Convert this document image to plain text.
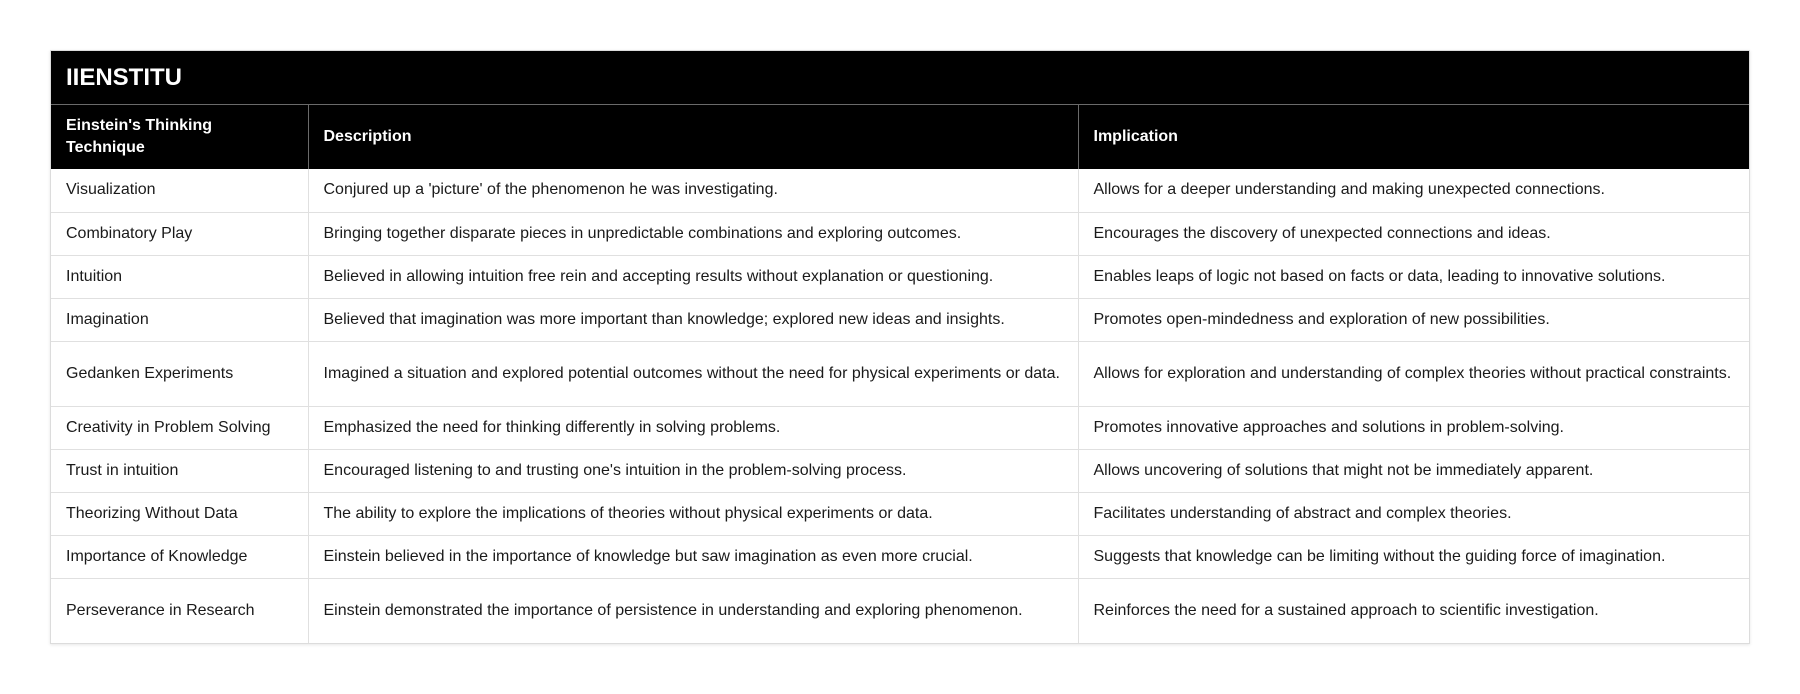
IIENSTITU
Einstein's Thinking Technique	Description	Implication
Visualization	Conjured up a 'picture' of the phenomenon he was investigating.	Allows for a deeper understanding and making unexpected connections.
Combinatory Play	Bringing together disparate pieces in unpredictable combinations and exploring outcomes.	Encourages the discovery of unexpected connections and ideas.
Intuition	Believed in allowing intuition free rein and accepting results without explanation or questioning.	Enables leaps of logic not based on facts or data, leading to innovative solutions.
Imagination	Believed that imagination was more important than knowledge; explored new ideas and insights.	Promotes open-mindedness and exploration of new possibilities.
Gedanken Experiments	Imagined a situation and explored potential outcomes without the need for physical experiments or data.	Allows for exploration and understanding of complex theories without practical constraints.
Creativity in Problem Solving	Emphasized the need for thinking differently in solving problems.	Promotes innovative approaches and solutions in problem-solving.
Trust in intuition	Encouraged listening to and trusting one's intuition in the problem-solving process.	Allows uncovering of solutions that might not be immediately apparent.
Theorizing Without Data	The ability to explore the implications of theories without physical experiments or data.	Facilitates understanding of abstract and complex theories.
Importance of Knowledge	Einstein believed in the importance of knowledge but saw imagination as even more crucial.	Suggests that knowledge can be limiting without the guiding force of imagination.
Perseverance in Research	Einstein demonstrated the importance of persistence in understanding and exploring phenomenon.	Reinforces the need for a sustained approach to scientific investigation.
